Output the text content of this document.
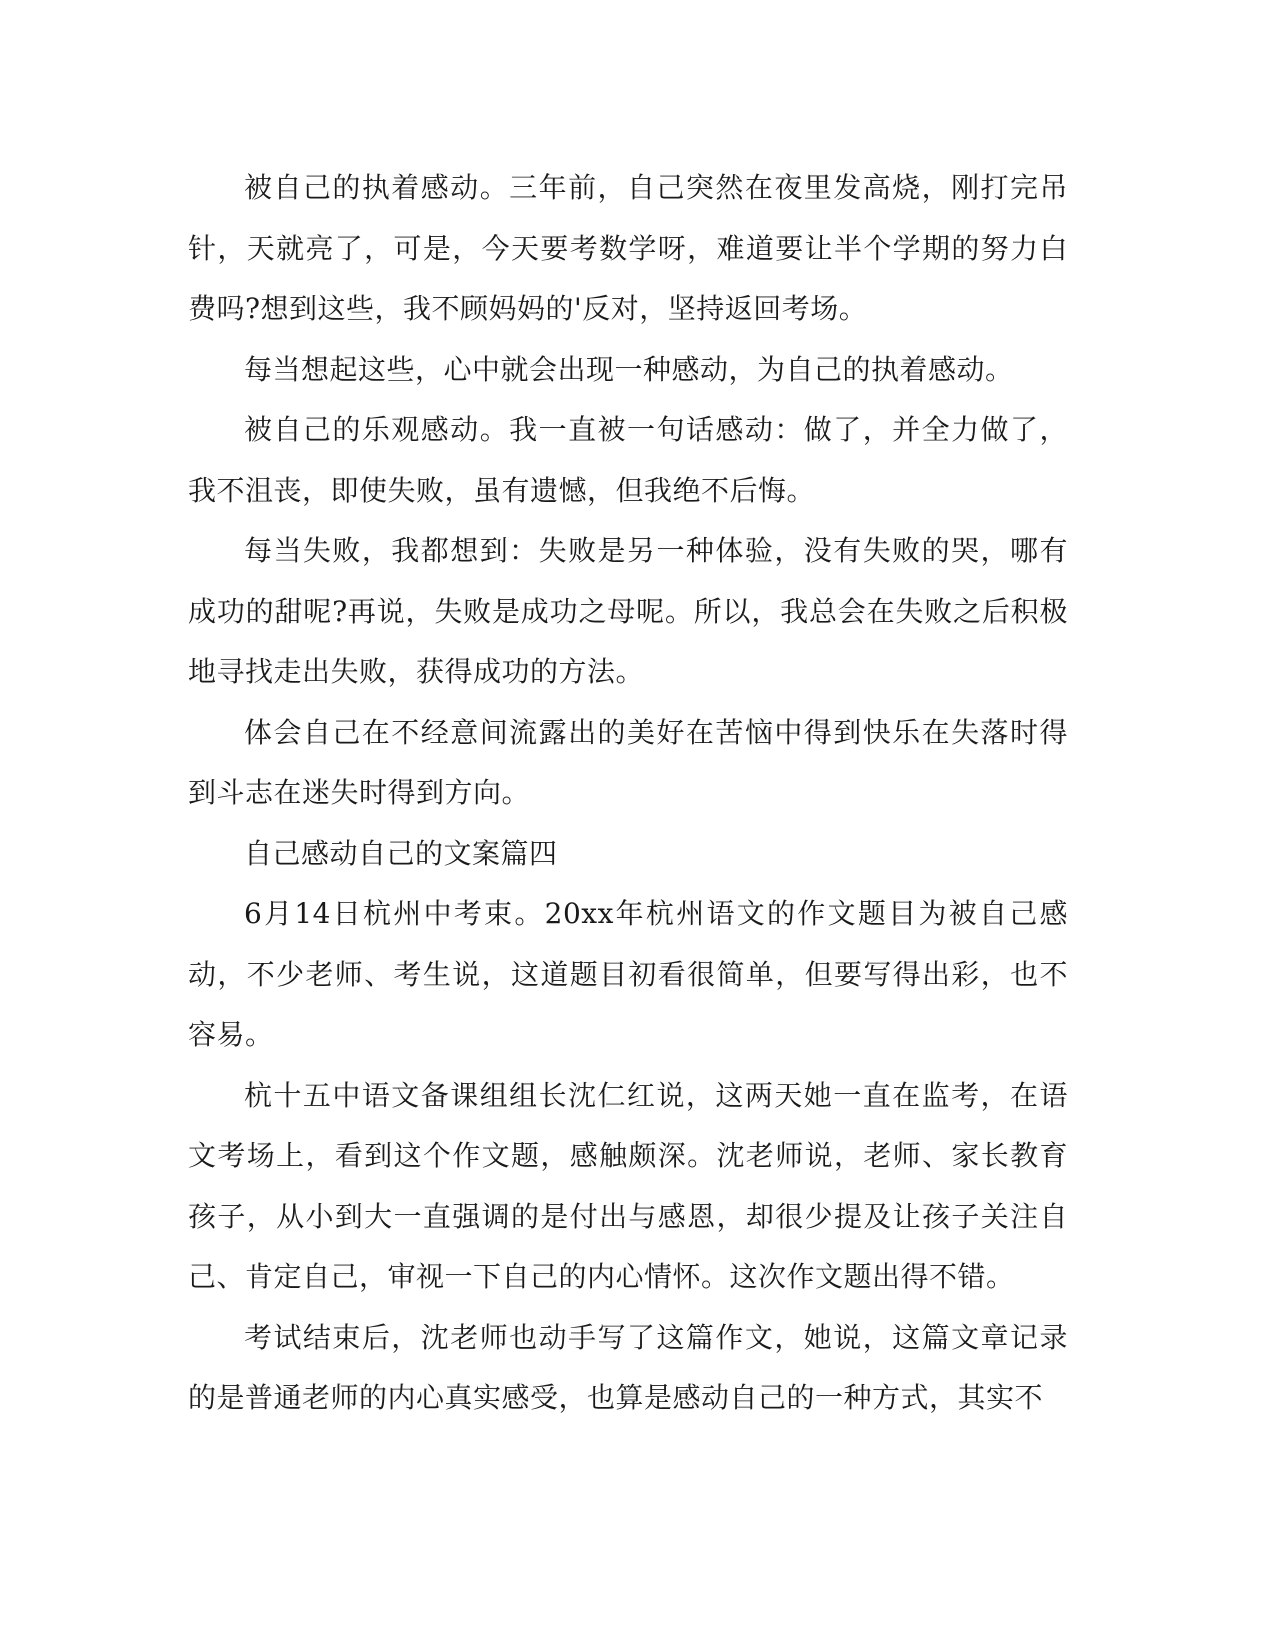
被自己的执着感动。三年前，自己突然在夜里发高烧，刚打完吊针，天就亮了，可是，今天要考数学呀，难道要让半个学期的努力白费吗?想到这些，我不顾妈妈的'反对，坚持返回考场。

每当想起这些，心中就会出现一种感动，为自己的执着感动。

被自己的乐观感动。我一直被一句话感动：做了，并全力做了，我不沮丧，即使失败，虽有遗憾，但我绝不后悔。

每当失败，我都想到：失败是另一种体验，没有失败的哭，哪有成功的甜呢?再说，失败是成功之母呢。所以，我总会在失败之后积极地寻找走出失败，获得成功的方法。

体会自己在不经意间流露出的美好在苦恼中得到快乐在失落时得到斗志在迷失时得到方向。

自己感动自己的文案篇四

6月14日杭州中考束。20xx年杭州语文的作文题目为被自己感动，不少老师、考生说，这道题目初看很简单，但要写得出彩，也不容易。

杭十五中语文备课组组长沈仁红说，这两天她一直在监考，在语文考场上，看到这个作文题，感触颇深。沈老师说，老师、家长教育孩子，从小到大一直强调的是付出与感恩，却很少提及让孩子关注自己、肯定自己，审视一下自己的内心情怀。这次作文题出得不错。

考试结束后，沈老师也动手写了这篇作文，她说，这篇文章记录的是普通老师的内心真实感受，也算是感动自己的一种方式，其实不
